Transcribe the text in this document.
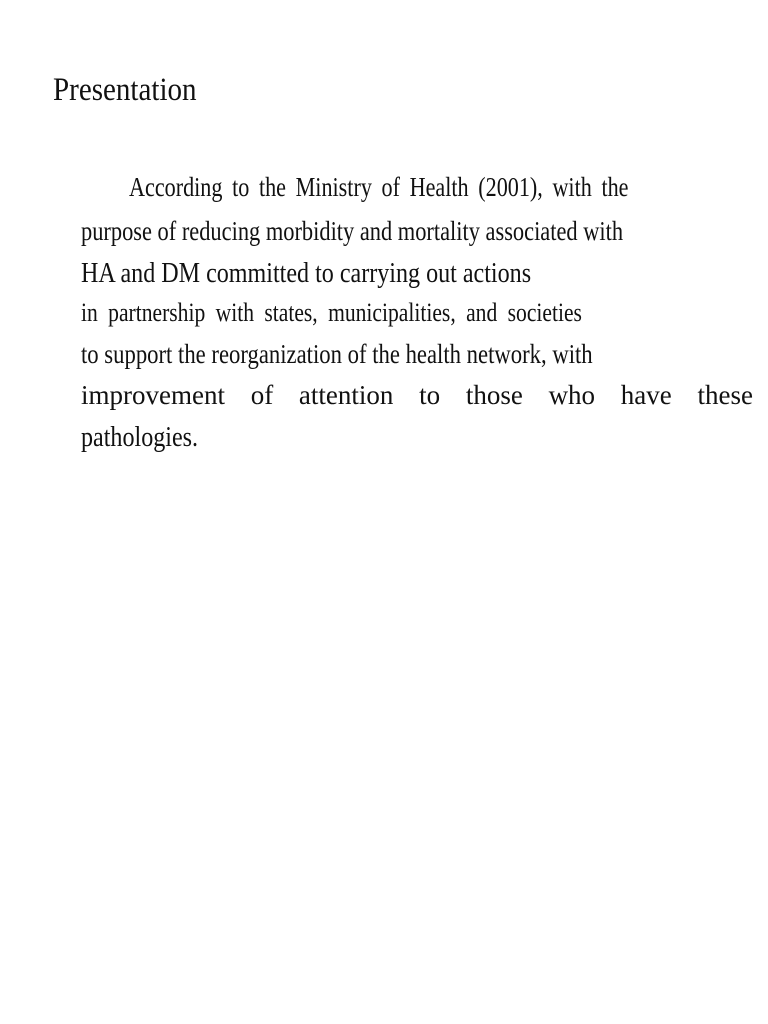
Presentation
According to the Ministry of Health (2001), with the
purpose of reducing morbidity and mortality associated with
HA and DM committed to carrying out actions
in partnership with states, municipalities, and societies
to support the reorganization of the health network, with
improvement of attention to those who have these
pathologies.
